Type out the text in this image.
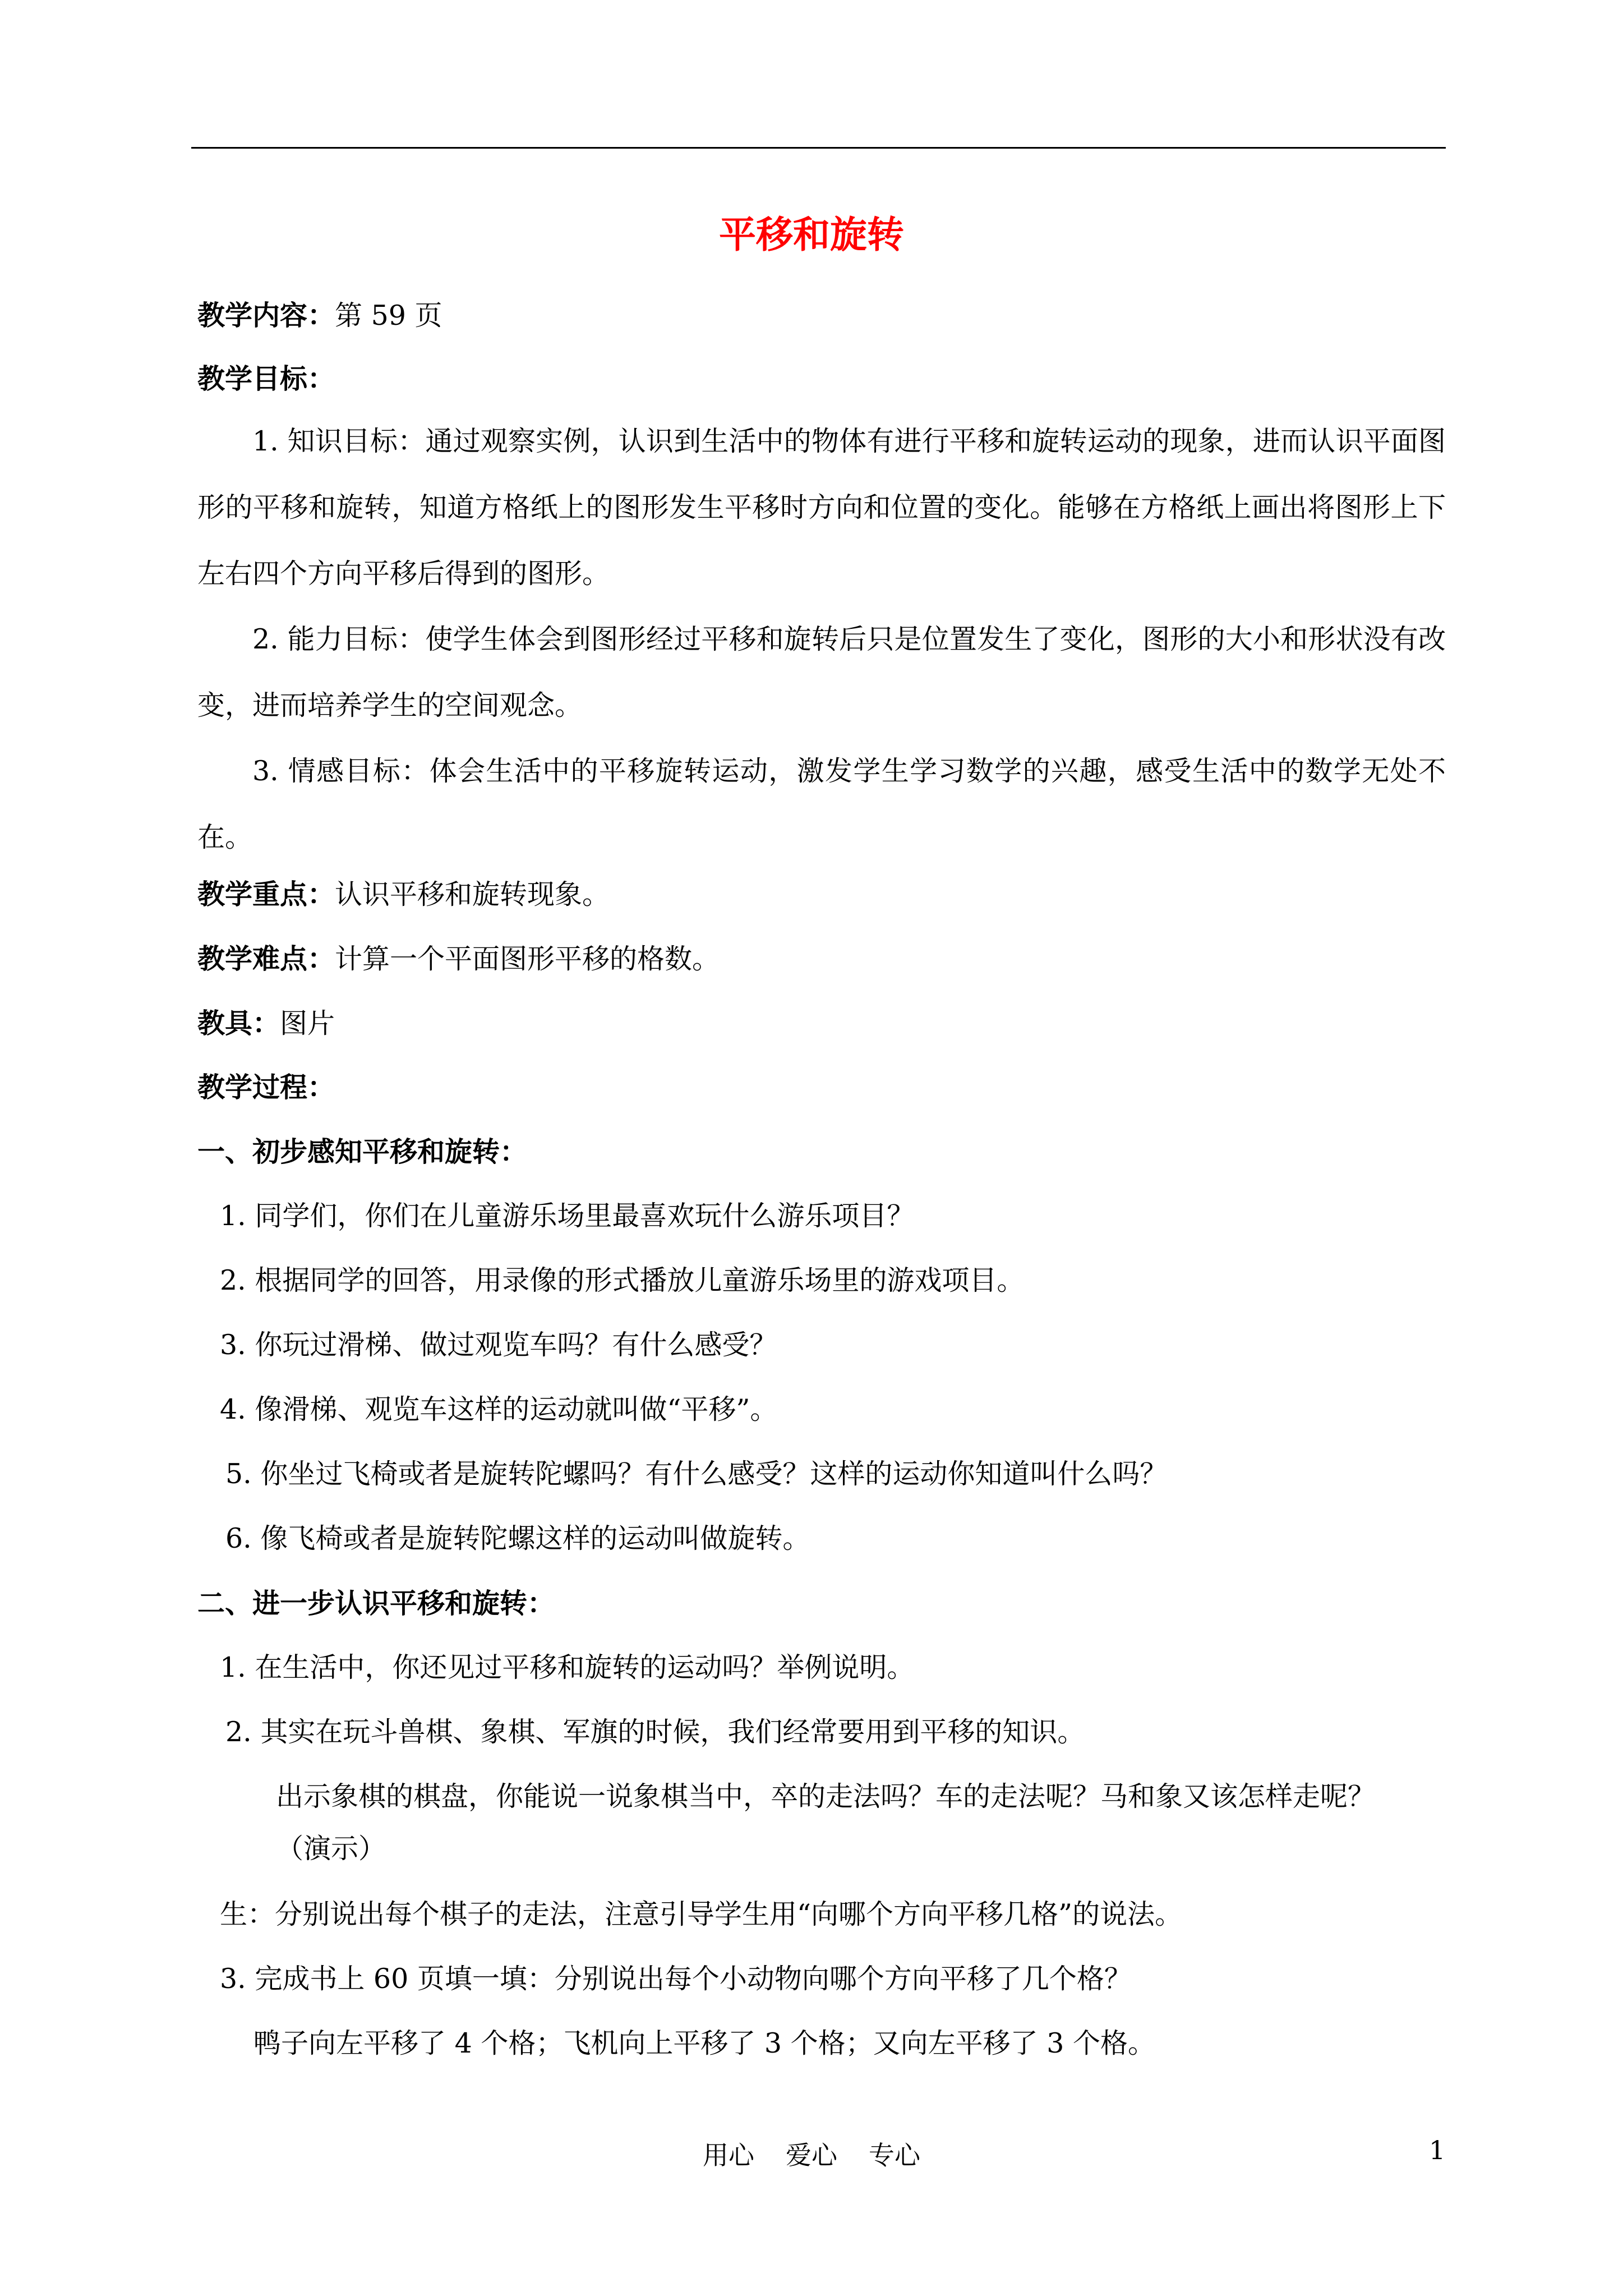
平移和旋转
教学内容：第 59 页
教学目标：
1. 知识目标：通过观察实例，认识到生活中的物体有进行平移和旋转运动的现象，进而认识平面图形的平移和旋转，知道方格纸上的图形发生平移时方向和位置的变化。能够在方格纸上画出将图形上下左右四个方向平移后得到的图形。
2. 能力目标：使学生体会到图形经过平移和旋转后只是位置发生了变化，图形的大小和形状没有改变，进而培养学生的空间观念。
3. 情感目标：体会生活中的平移旋转运动，激发学生学习数学的兴趣，感受生活中的数学无处不在。
教学重点：认识平移和旋转现象。
教学难点：计算一个平面图形平移的格数。
教具：图片
教学过程：
一、初步感知平移和旋转：
1. 同学们，你们在儿童游乐场里最喜欢玩什么游乐项目？
2. 根据同学的回答，用录像的形式播放儿童游乐场里的游戏项目。
3. 你玩过滑梯、做过观览车吗？有什么感受？
4. 像滑梯、观览车这样的运动就叫做“平移”。
5. 你坐过飞椅或者是旋转陀螺吗？有什么感受？这样的运动你知道叫什么吗？
6. 像飞椅或者是旋转陀螺这样的运动叫做旋转。
二、进一步认识平移和旋转：
1. 在生活中，你还见过平移和旋转的运动吗？举例说明。
2. 其实在玩斗兽棋、象棋、军旗的时候，我们经常要用到平移的知识。
出示象棋的棋盘，你能说一说象棋当中，卒的走法吗？车的走法呢？马和象又该怎样走呢？
（演示）
生：分别说出每个棋子的走法，注意引导学生用“向哪个方向平移几格”的说法。
3. 完成书上 60 页填一填：分别说出每个小动物向哪个方向平移了几个格？
鸭子向左平移了 4 个格；飞机向上平移了 3 个格；又向左平移了 3 个格。
用心 爱心 专心	1
